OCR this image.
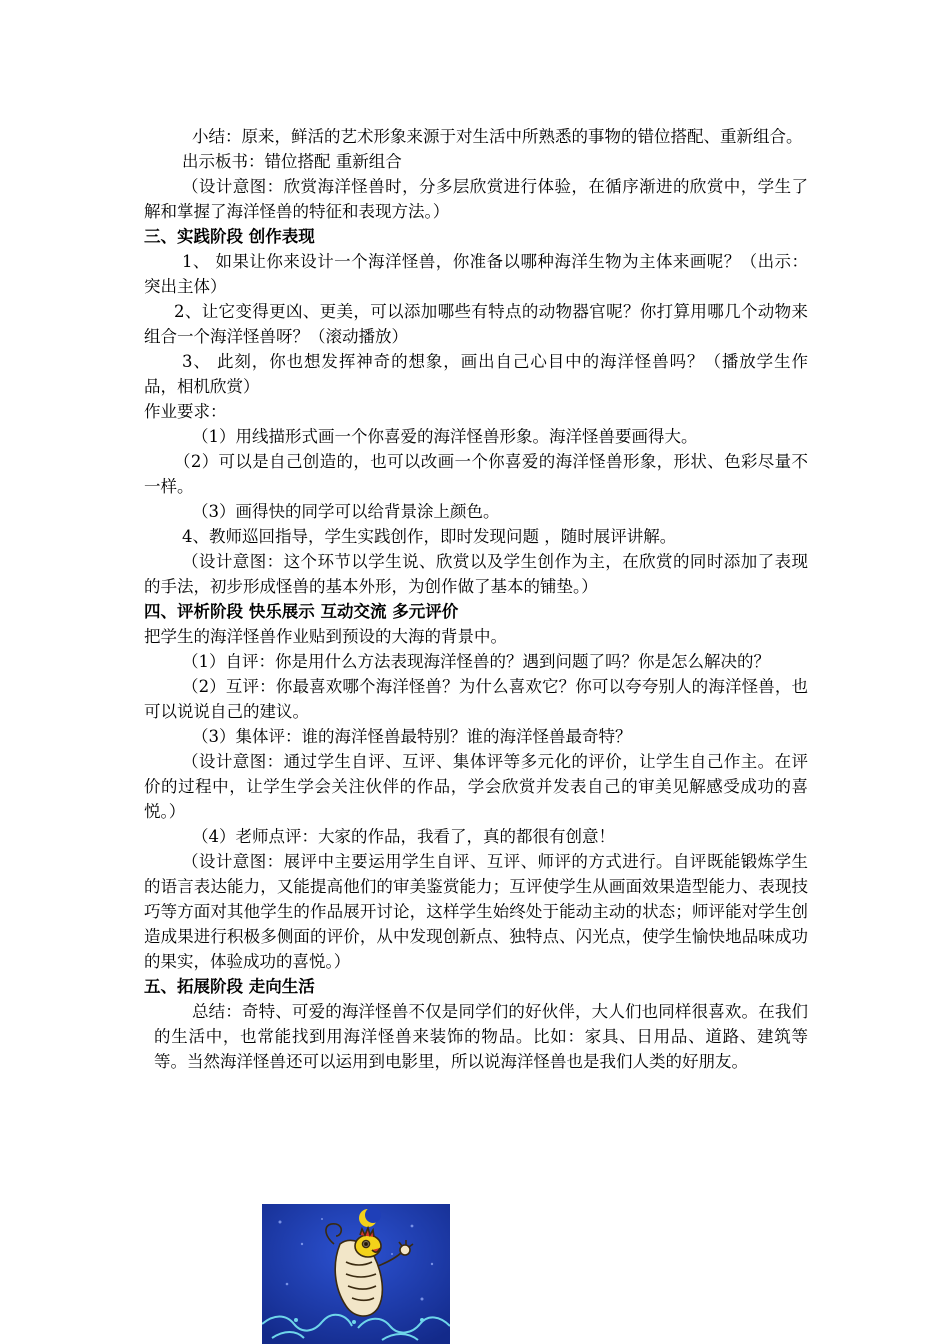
小结：原来，鲜活的艺术形象来源于对生活中所熟悉的事物的错位搭配、重新组合。

出示板书：错位搭配 重新组合

（设计意图：欣赏海洋怪兽时，分多层欣赏进行体验，在循序渐进的欣赏中，学生了解和掌握了海洋怪兽的特征和表现方法。）

三、实践阶段 创作表现

1、 如果让你来设计一个海洋怪兽，你准备以哪种海洋生物为主体来画呢？（出示：突出主体）

2、让它变得更凶、更美，可以添加哪些有特点的动物器官呢？你打算用哪几个动物来组合一个海洋怪兽呀？（滚动播放）

3、 此刻，你也想发挥神奇的想象，画出自己心目中的海洋怪兽吗？（播放学生作品，相机欣赏）

作业要求：

（1）用线描形式画一个你喜爱的海洋怪兽形象。海洋怪兽要画得大。

（2）可以是自己创造的，也可以改画一个你喜爱的海洋怪兽形象，形状、色彩尽量不一样。

（3）画得快的同学可以给背景涂上颜色。

4、教师巡回指导，学生实践创作，即时发现问题 ，随时展评讲解。

（设计意图：这个环节以学生说、欣赏以及学生创作为主，在欣赏的同时添加了表现的手法，初步形成怪兽的基本外形，为创作做了基本的铺垫。）

四、评析阶段 快乐展示 互动交流 多元评价

把学生的海洋怪兽作业贴到预设的大海的背景中。

（1）自评：你是用什么方法表现海洋怪兽的？遇到问题了吗？你是怎么解决的？

（2）互评：你最喜欢哪个海洋怪兽？为什么喜欢它？你可以夸夸别人的海洋怪兽，也可以说说自己的建议。

（3）集体评：谁的海洋怪兽最特别？谁的海洋怪兽最奇特？

（设计意图：通过学生自评、互评、集体评等多元化的评价，让学生自己作主。在评价的过程中，让学生学会关注伙伴的作品，学会欣赏并发表自己的审美见解感受成功的喜悦。）

（4）老师点评：大家的作品，我看了，真的都很有创意！

（设计意图：展评中主要运用学生自评、互评、师评的方式进行。自评既能锻炼学生的语言表达能力，又能提高他们的审美鉴赏能力；互评使学生从画面效果造型能力、表现技巧等方面对其他学生的作品展开讨论，这样学生始终处于能动主动的状态；师评能对学生创造成果进行积极多侧面的评价，从中发现创新点、独特点、闪光点，使学生愉快地品味成功的果实，体验成功的喜悦。）

五、拓展阶段 走向生活

总结：奇特、可爱的海洋怪兽不仅是同学们的好伙伴，大人们也同样很喜欢。在我们的生活中，也常能找到用海洋怪兽来装饰的物品。比如：家具、日用品、道路、建筑等等。当然海洋怪兽还可以运用到电影里，所以说海洋怪兽也是我们人类的好朋友。
